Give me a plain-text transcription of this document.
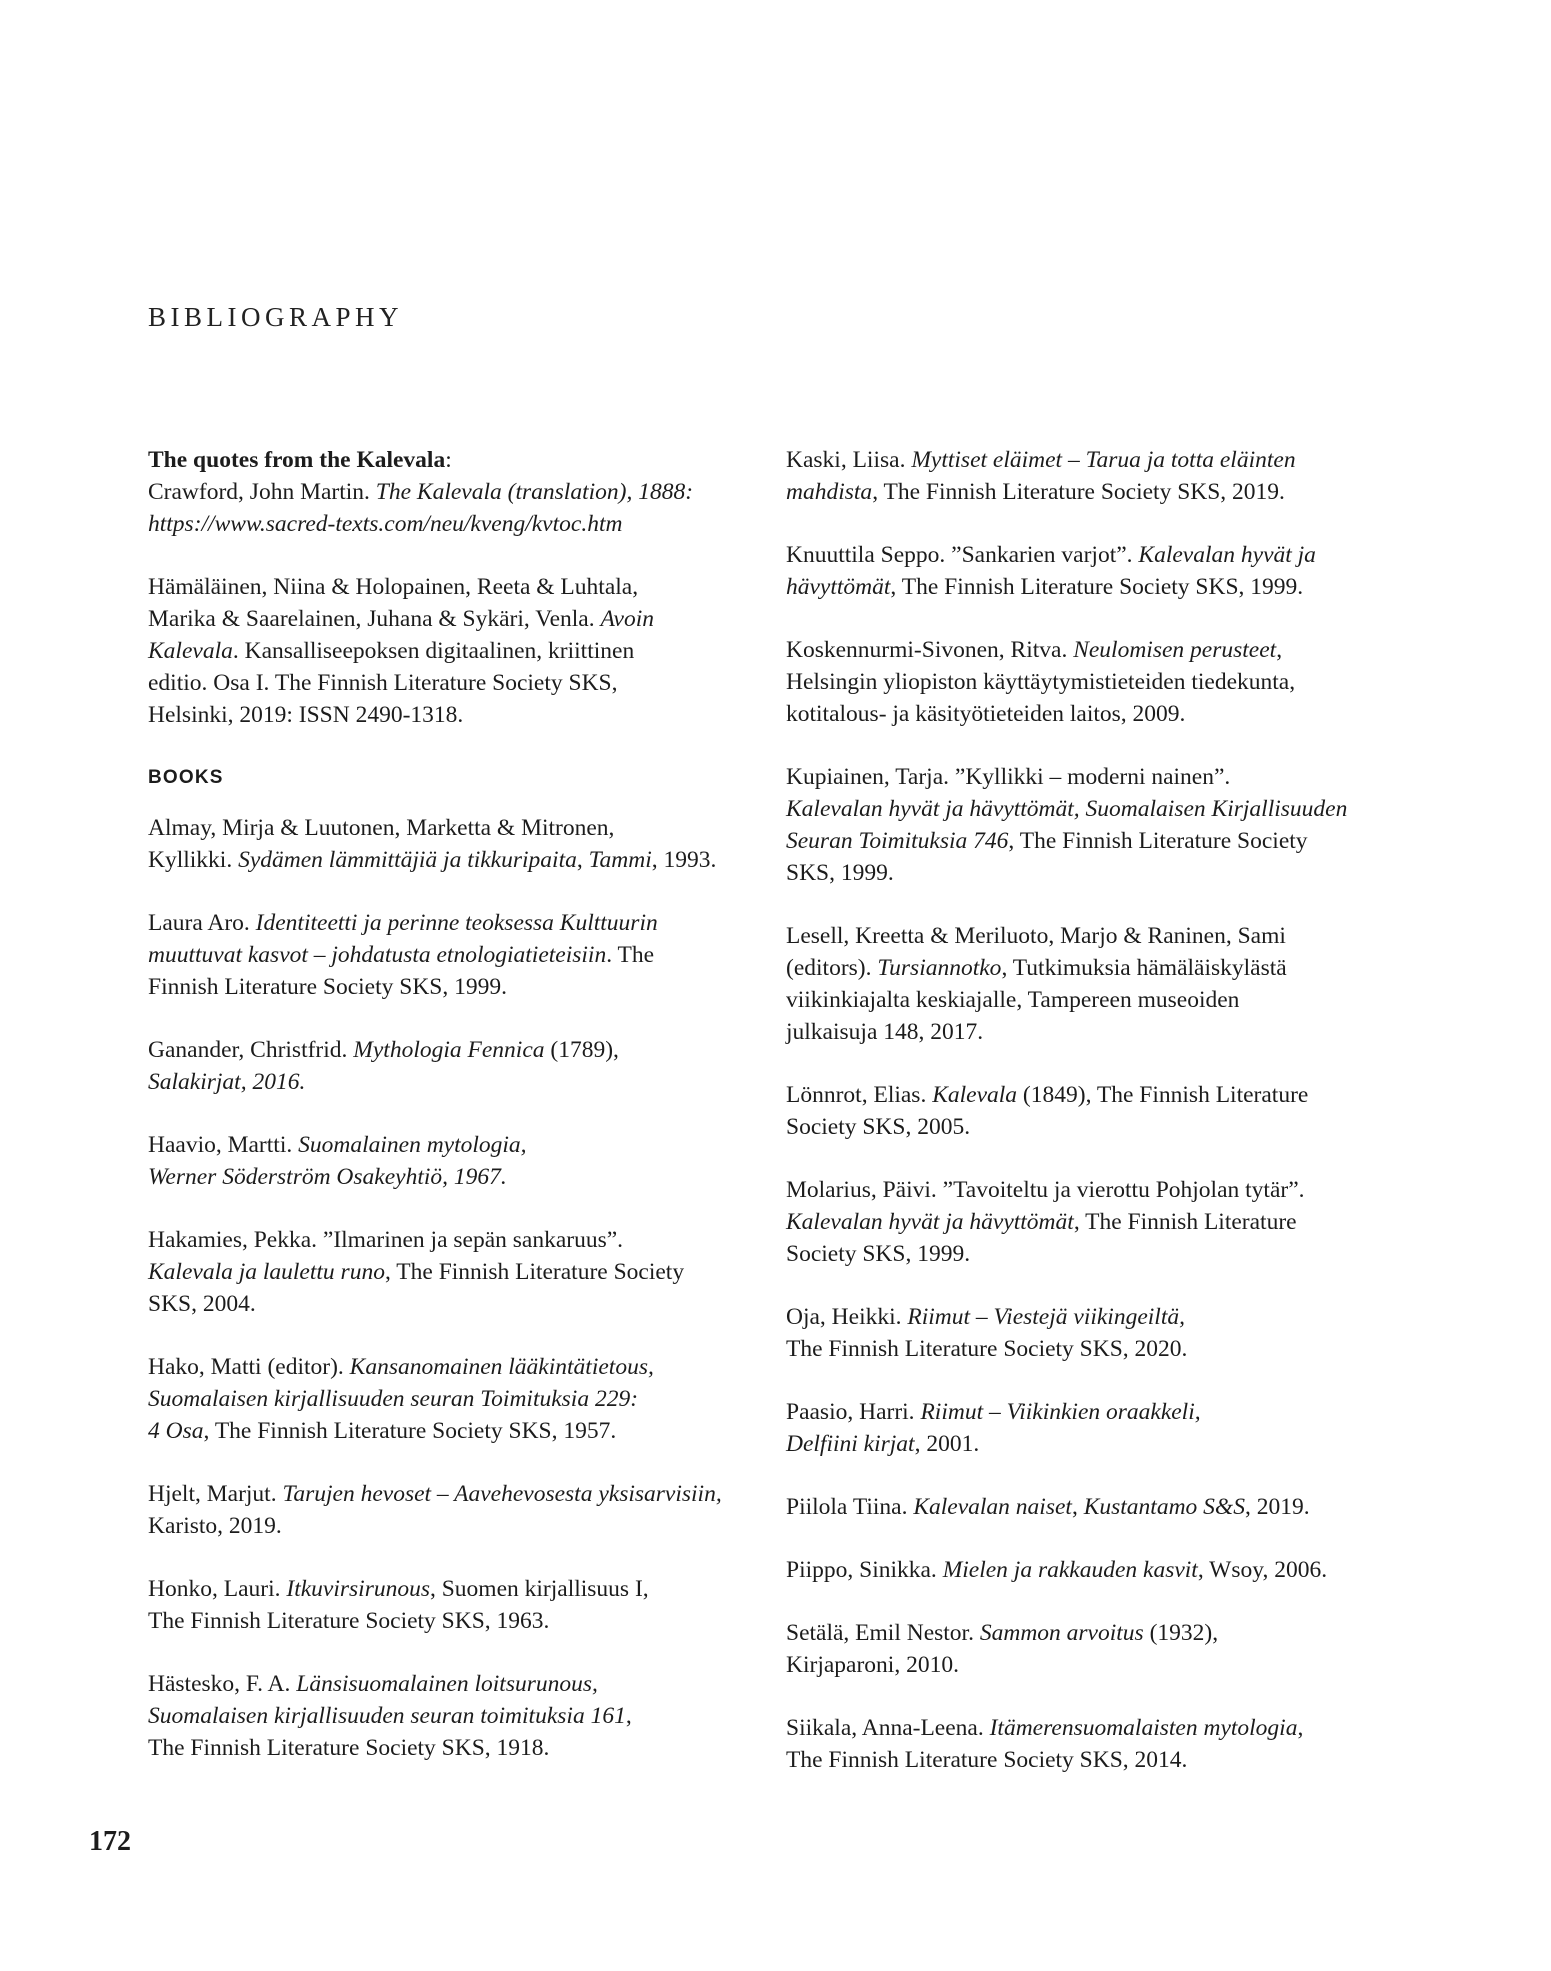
BIBLIOGRAPHY
The quotes from the Kalevala:
Crawford, John Martin. The Kalevala (translation), 1888:
https://www.sacred-texts.com/neu/kveng/kvtoc.htm
Hämäläinen, Niina & Holopainen, Reeta & Luhtala,
Marika & Saarelainen, Juhana & Sykäri, Venla. Avoin
Kalevala. Kansalliseepoksen digitaalinen, kriittinen
editio. Osa I. The Finnish Literature Society SKS,
Helsinki, 2019: ISSN 2490-1318.
BOOKS
Almay, Mirja & Luutonen, Marketta & Mitronen,
Kyllikki. Sydämen lämmittäjiä ja tikkuripaita, Tammi, 1993.
Laura Aro. Identiteetti ja perinne teoksessa Kulttuurin
muuttuvat kasvot – johdatusta etnologiatieteisiin. The
Finnish Literature Society SKS, 1999.
Ganander, Christfrid. Mythologia Fennica (1789),
Salakirjat, 2016.
Haavio, Martti. Suomalainen mytologia,
Werner Söderström Osakeyhtiö, 1967.
Hakamies, Pekka. ”Ilmarinen ja sepän sankaruus”.
Kalevala ja laulettu runo, The Finnish Literature Society
SKS, 2004.
Hako, Matti (editor). Kansanomainen lääkintätietous,
Suomalaisen kirjallisuuden seuran Toimituksia 229:
4 Osa, The Finnish Literature Society SKS, 1957.
Hjelt, Marjut. Tarujen hevoset – Aavehevosesta yksisarvisiin,
Karisto, 2019.
Honko, Lauri. Itkuvirsirunous, Suomen kirjallisuus I,
The Finnish Literature Society SKS, 1963.
Hästesko, F. A. Länsisuomalainen loitsurunous,
Suomalaisen kirjallisuuden seuran toimituksia 161,
The Finnish Literature Society SKS, 1918.
Kaski, Liisa. Myttiset eläimet – Tarua ja totta eläinten
mahdista, The Finnish Literature Society SKS, 2019.
Knuuttila Seppo. ”Sankarien varjot”. Kalevalan hyvät ja
hävyttömät, The Finnish Literature Society SKS, 1999.
Koskennurmi-Sivonen, Ritva. Neulomisen perusteet,
Helsingin yliopiston käyttäytymistieteiden tiedekunta,
kotitalous- ja käsityötieteiden laitos, 2009.
Kupiainen, Tarja. ”Kyllikki – moderni nainen”.
Kalevalan hyvät ja hävyttömät, Suomalaisen Kirjallisuuden
Seuran Toimituksia 746, The Finnish Literature Society
SKS, 1999.
Lesell, Kreetta & Meriluoto, Marjo & Raninen, Sami
(editors). Tursiannotko, Tutkimuksia hämäläiskylästä
viikinkiajalta keskiajalle, Tampereen museoiden
julkaisuja 148, 2017.
Lönnrot, Elias. Kalevala (1849), The Finnish Literature
Society SKS, 2005.
Molarius, Päivi. ”Tavoiteltu ja vierottu Pohjolan tytär”.
Kalevalan hyvät ja hävyttömät, The Finnish Literature
Society SKS, 1999.
Oja, Heikki. Riimut – Viestejä viikingeiltä,
The Finnish Literature Society SKS, 2020.
Paasio, Harri. Riimut – Viikinkien oraakkeli,
Delfiini kirjat, 2001.
Piilola Tiina. Kalevalan naiset, Kustantamo S&S, 2019.
Piippo, Sinikka. Mielen ja rakkauden kasvit, Wsoy, 2006.
Setälä, Emil Nestor. Sammon arvoitus (1932),
Kirjaparoni, 2010.
Siikala, Anna-Leena. Itämerensuomalaisten mytologia,
The Finnish Literature Society SKS, 2014.
172
